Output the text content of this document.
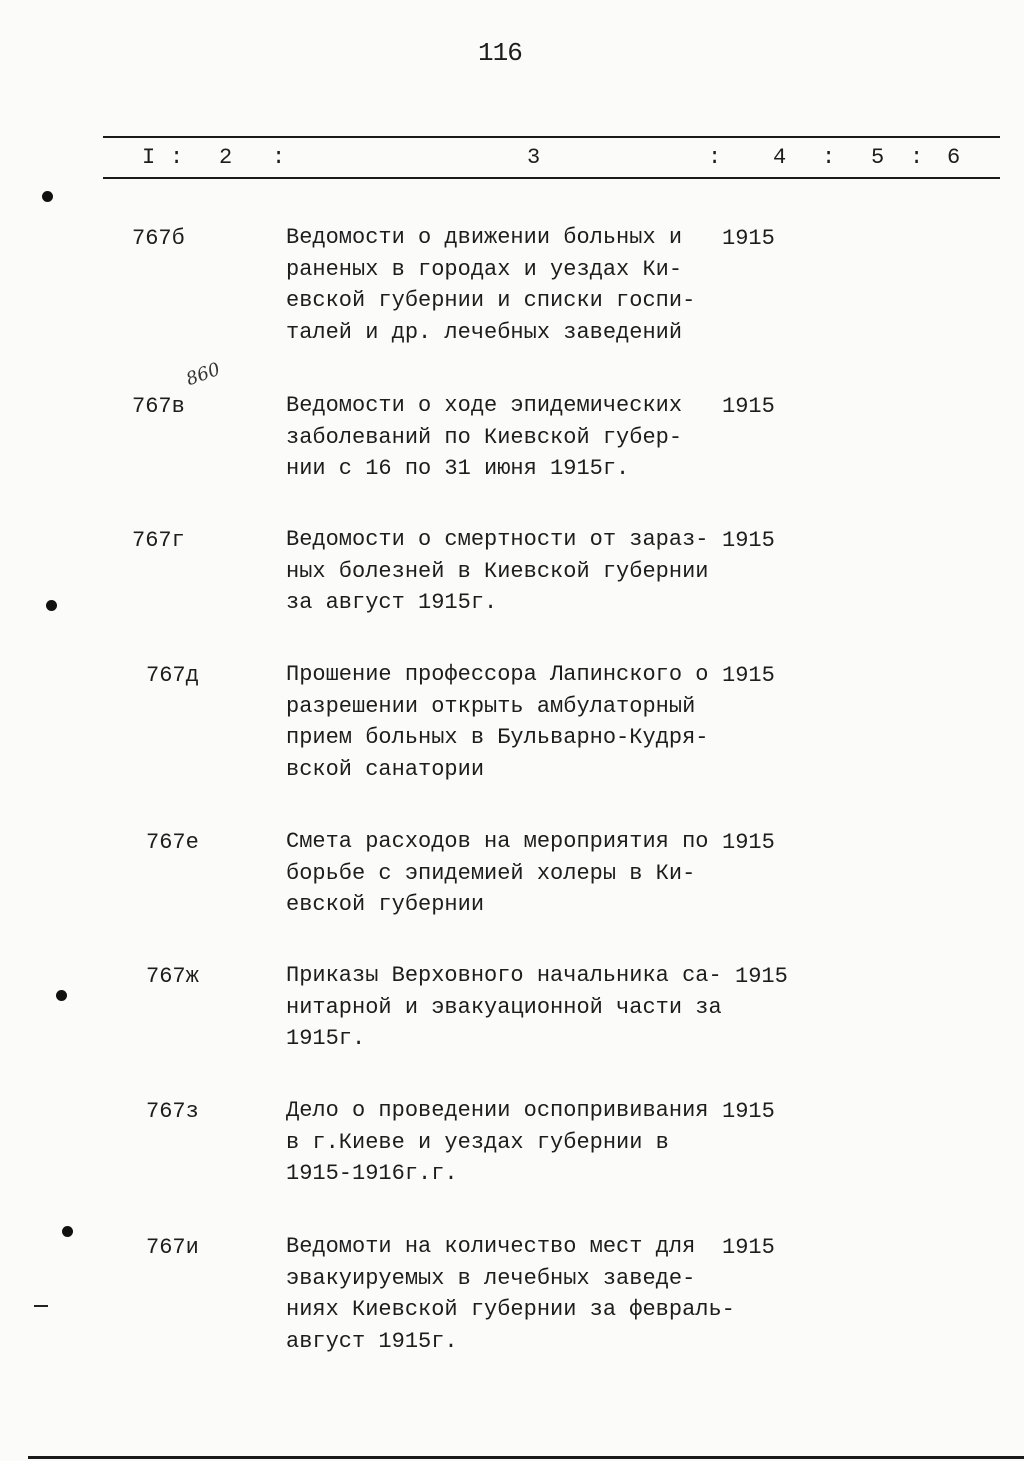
116
I : 2 :	3	: 4 : 5 : 6
860
767б	Ведомости о движении больных и
раненых в городах и уездах Ки-
евской губернии и списки госпи-
талей и др. лечебных заведений
1915
767в	Ведомости о ходе эпидемических
заболеваний по Киевской губер-
нии с 16 по 31 июня 1915г.
1915
767г	Ведомости о смертности от зараз-
ных болезней в Киевской губернии
за август 1915г.
1915
767д	Прошение профессора Лапинского о
разрешении открыть амбулаторный
прием больных в Бульварно-Кудря-
вской санатории
1915
767е	Смета расходов на мероприятия по
борьбе с эпидемией холеры в Ки-
евской губернии
1915
767ж	Приказы Верховного начальника са-
нитарной и эвакуационной части за
1915г.
1915
767з	Дело о проведении оспопрививания
в г.Киеве и уездах губернии в
1915-1916г.г.
1915
767и	Ведомоти на количество мест для
эвакуируемых в лечебных заведе-
ниях Киевской губернии за февраль-
август 1915г.
1915
